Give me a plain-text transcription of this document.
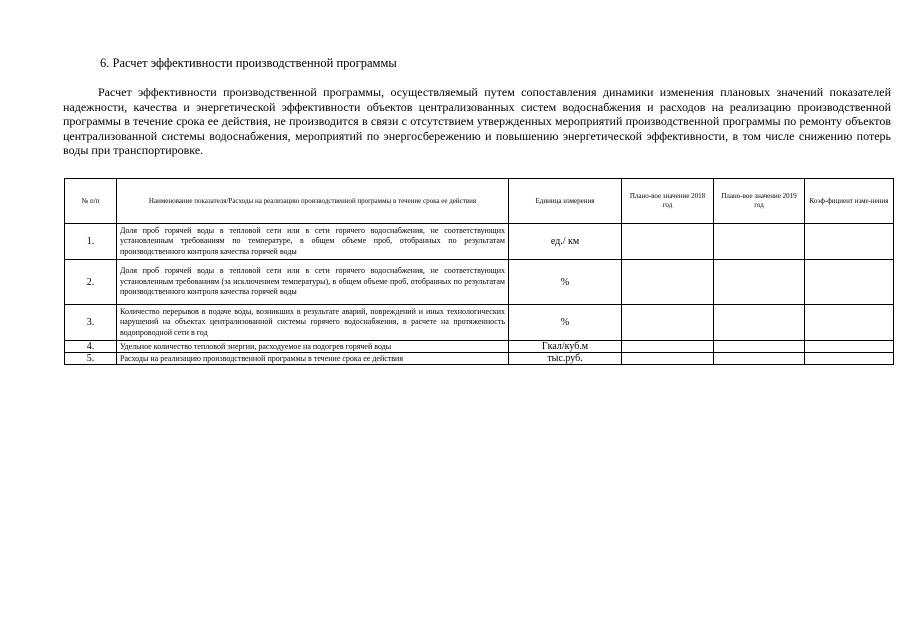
6. Расчет эффективности производственной программы

Расчет эффективности производственной программы, осуществляемый путем сопоставления динамики изменения плановых значений показателей надежности, качества и энергетической эффективности объектов централизованных систем водоснабжения и расходов на реализацию производственной программы в течение срока ее действия, не производится в связи с отсутствием утвержденных мероприятий производственной программы по ремонту объектов централизованной системы водоснабжения, мероприятий по энергосбережению и повышению энергетической эффективности, в том числе снижению потерь воды при транспортировке.

№ п/п	Наименование показателя/Расходы на реализацию производственной программы в течение срока ее действия	Единица измерения	Плано-вое значение 2018 год	Плано-вое значение 2019 год	Коэф-фициент изме-нения
1.	Доля проб горячей воды в тепловой сети или в сети горячего водоснабжения, не соответствующих установленным требованиям по температуре, в общем объеме проб, отобранных по результатам производственного контроля качества горячей воды	ед./ км			
2.	Доля проб горячей воды в тепловой сети или в сети горячего водоснабжения, не соответствующих установленным требованиям (за исключением температуры), в общем объеме проб, отобранных по результатам производственного контроля качества горячей воды	%			
3.	Количество перерывов в подаче воды, возникших в результате аварий, повреждений и иных технологических нарушений на объектах централизованной системы горячего водоснабжения, в расчете на протяженность водопроводной сети в год	%			
4.	Удельное количество тепловой энергии, расходуемое на подогрев горячей воды	Гкал/куб.м			
5.	Расходы на реализацию производственной программы в течение срока ее действия	тыс.руб.			
